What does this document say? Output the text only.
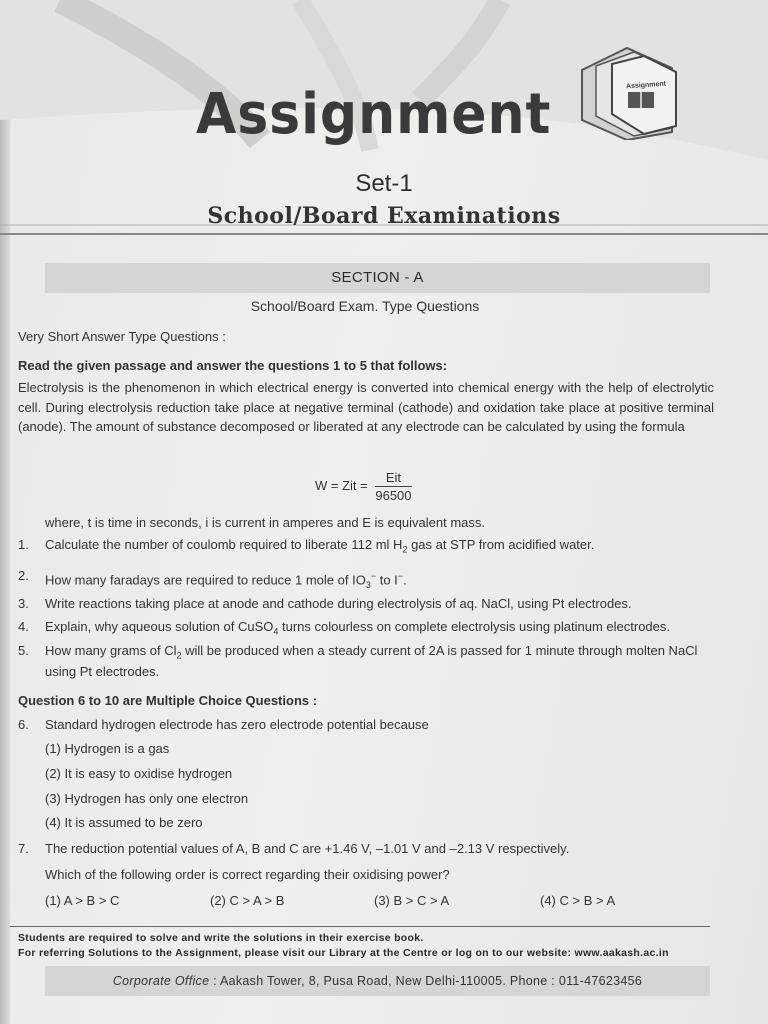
Assignment	Assignment
Set-1
School/Board Examinations
SECTION - A
School/Board Exam. Type Questions
Very Short Answer Type Questions :
Read the given passage and answer the questions 1 to 5 that follows:
Electrolysis is the phenomenon in which electrical energy is converted into chemical energy with the help of electrolytic cell. During electrolysis reduction take place at negative terminal (cathode) and oxidation take place at positive terminal (anode). The amount of substance decomposed or liberated at any electrode can be calculated by using the formula
W = Zit = $\frac{\text{Eit}}{96500}$
where, t is time in seconds, i is current in amperes and E is equivalent mass.
1. Calculate the number of coulomb required to liberate 112 ml $H_2$ gas at STP from acidified water.
2. How many faradays are required to reduce 1 mole of $IO_3^-$ to I−.
3. Write reactions taking place at anode and cathode during electrolysis of aq. NaCl, using Pt electrodes.
4. Explain, why aqueous solution of CuSO$_4$ turns colourless on complete electrolysis using platinum electrodes.
5. How many grams of $Cl_2$ will be produced when a steady current of 2A is passed for 1 minute through molten NaCl using Pt electrodes.
Question 6 to 10 are Multiple Choice Questions :
6. Standard hydrogen electrode has zero electrode potential because
(1) Hydrogen is a gas
(2) It is easy to oxidise hydrogen
(3) Hydrogen has only one electron
(4) It is assumed to be zero
7. The reduction potential values of A, B and C are +1.46 V, –1.01 V and –2.13 V respectively.
Which of the following order is correct regarding their oxidising power?
(1) A > B > C	(2) C > A > B	(3) B > C > A	(4) C > B > A
Students are required to solve and write the solutions in their exercise book.
For referring Solutions to the Assignment, please visit our Library at the Centre or log on to our website: www.aakash.ac.in
Corporate Office : Aakash Tower, 8, Pusa Road, New Delhi-110005. Phone : 011-47623456
